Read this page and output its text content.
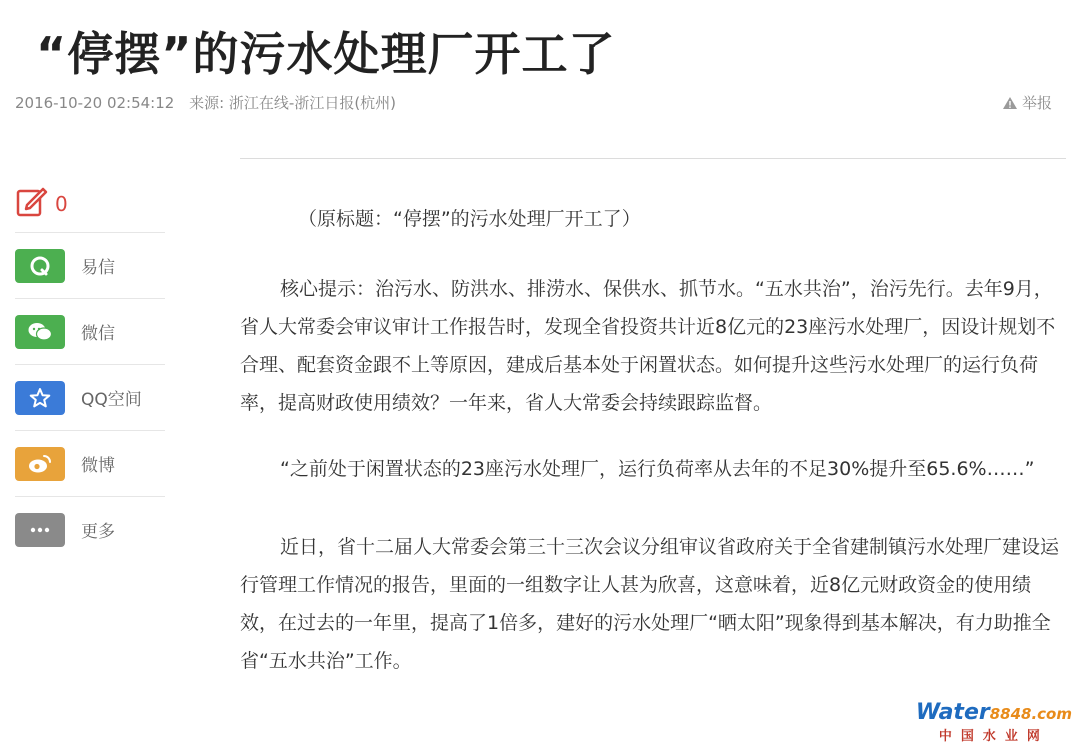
“停摆”的污水处理厂开工了
2016-10-20 02:54:12 来源: 浙江在线-浙江日报(杭州)	举报
0
易信
微信
QQ空间
微博
更多

（原标题：“停摆”的污水处理厂开工了）

核心提示：治污水、防洪水、排涝水、保供水、抓节水。“五水共治”，治污先行。去年9月，省人大常委会审议审计工作报告时，发现全省投资共计近8亿元的23座污水处理厂，因设计规划不合理、配套资金跟不上等原因，建成后基本处于闲置状态。如何提升这些污水处理厂的运行负荷率，提高财政使用绩效？一年来，省人大常委会持续跟踪监督。

“之前处于闲置状态的23座污水处理厂，运行负荷率从去年的不足30%提升至65.6%……”

近日，省十二届人大常委会第三十三次会议分组审议省政府关于全省建制镇污水处理厂建设运行管理工作情况的报告，里面的一组数字让人甚为欣喜，这意味着，近8亿元财政资金的使用绩效，在过去的一年里，提高了1倍多，建好的污水处理厂“晒太阳”现象得到基本解决，有力助推全省“五水共治”工作。

Water8848.com
中国水业网
